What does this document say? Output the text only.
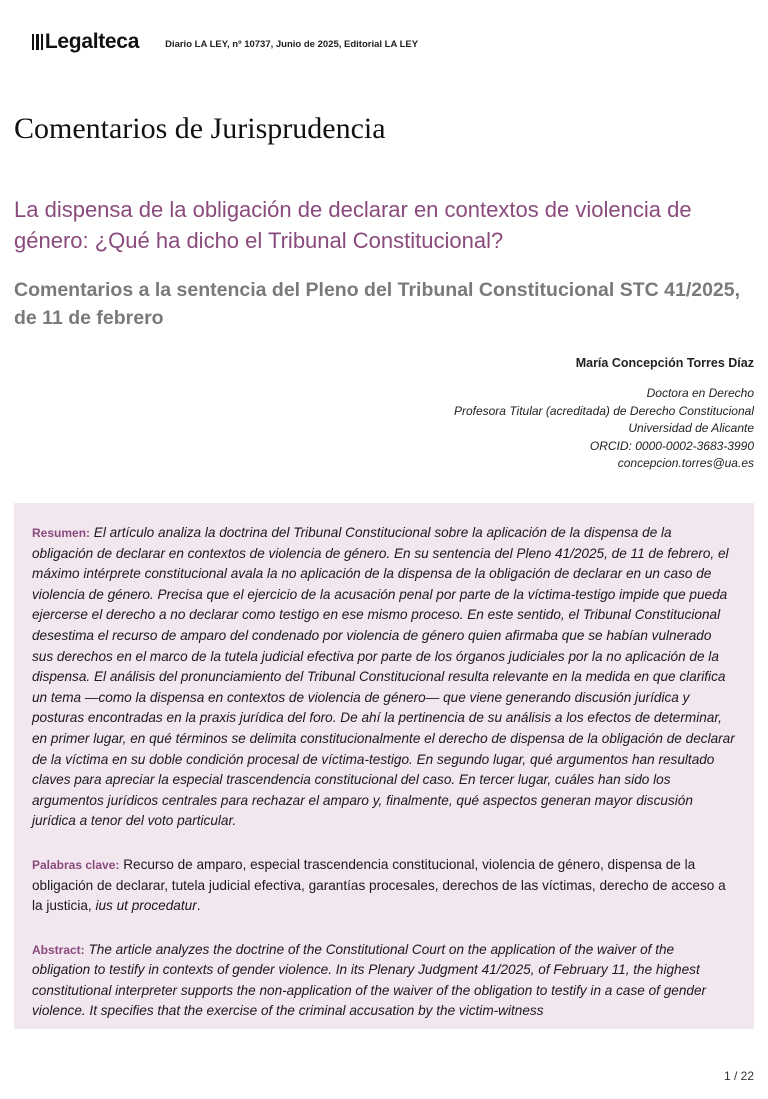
Legalteca	Diario LA LEY, nº 10737, Junio de 2025, Editorial LA LEY
Comentarios de Jurisprudencia
La dispensa de la obligación de declarar en contextos de violencia de género: ¿Qué ha dicho el Tribunal Constitucional?
Comentarios a la sentencia del Pleno del Tribunal Constitucional STC 41/2025, de 11 de febrero
María Concepción Torres Díaz
Doctora en Derecho
Profesora Titular (acreditada) de Derecho Constitucional
Universidad de Alicante
ORCID: 0000-0002-3683-3990
concepcion.torres@ua.es

Resumen: El artículo analiza la doctrina del Tribunal Constitucional sobre la aplicación de la dispensa de la obligación de declarar en contextos de violencia de género. En su sentencia del Pleno 41/2025, de 11 de febrero, el máximo intérprete constitucional avala la no aplicación de la dispensa de la obligación de declarar en un caso de violencia de género. Precisa que el ejercicio de la acusación penal por parte de la víctima-testigo impide que pueda ejercerse el derecho a no declarar como testigo en ese mismo proceso. En este sentido, el Tribunal Constitucional desestima el recurso de amparo del condenado por violencia de género quien afirmaba que se habían vulnerado sus derechos en el marco de la tutela judicial efectiva por parte de los órganos judiciales por la no aplicación de la dispensa. El análisis del pronunciamiento del Tribunal Constitucional resulta relevante en la medida en que clarifica un tema —como la dispensa en contextos de violencia de género— que viene generando discusión jurídica y posturas encontradas en la praxis jurídica del foro. De ahí la pertinencia de su análisis a los efectos de determinar, en primer lugar, en qué términos se delimita constitucionalmente el derecho de dispensa de la obligación de declarar de la víctima en su doble condición procesal de víctima-testigo. En segundo lugar, qué argumentos han resultado claves para apreciar la especial trascendencia constitucional del caso. En tercer lugar, cuáles han sido los argumentos jurídicos centrales para rechazar el amparo y, finalmente, qué aspectos generan mayor discusión jurídica a tenor del voto particular.

Palabras clave: Recurso de amparo, especial trascendencia constitucional, violencia de género, dispensa de la obligación de declarar, tutela judicial efectiva, garantías procesales, derechos de las víctimas, derecho de acceso a la justicia, ius ut procedatur.

Abstract: The article analyzes the doctrine of the Constitutional Court on the application of the waiver of the obligation to testify in contexts of gender violence. In its Plenary Judgment 41/2025, of February 11, the highest constitutional interpreter supports the non-application of the waiver of the obligation to testify in a case of gender violence. It specifies that the exercise of the criminal accusation by the victim-witness

1 / 22
